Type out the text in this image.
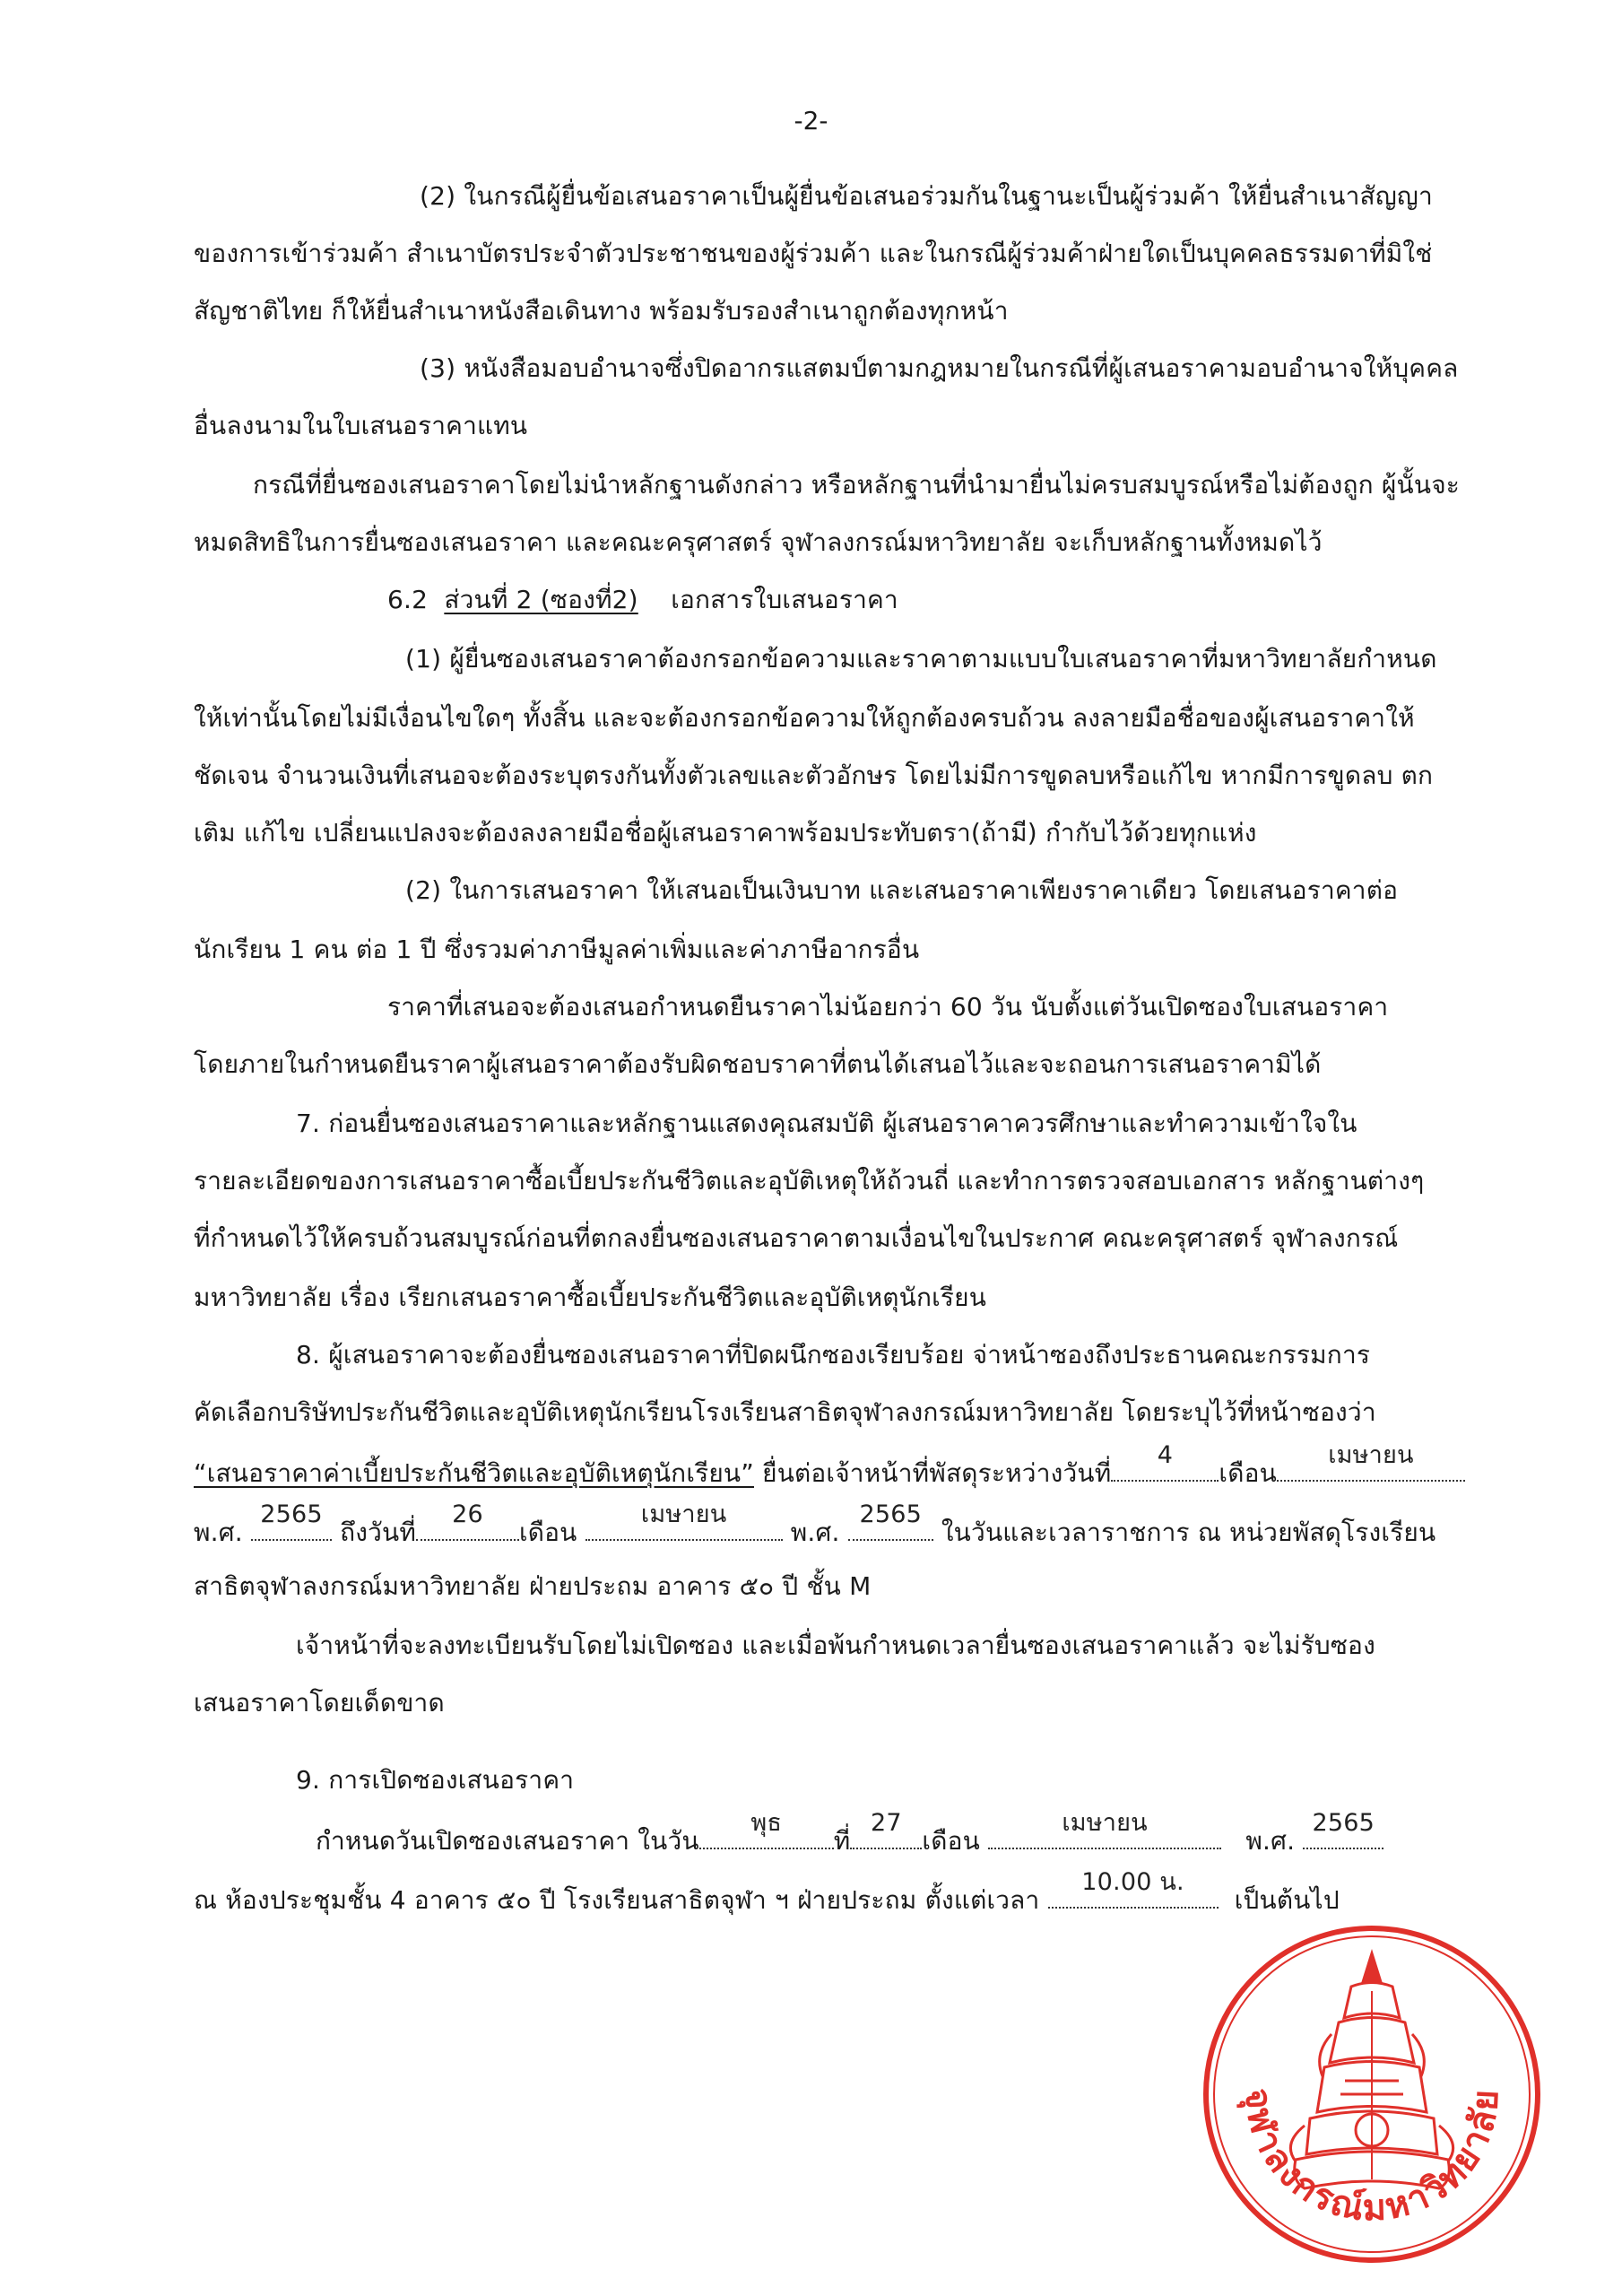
-2-
(2) ในกรณีผู้ยื่นข้อเสนอราคาเป็นผู้ยื่นข้อเสนอร่วมกันในฐานะเป็นผู้ร่วมค้า ให้ยื่นสำเนาสัญญา
ของการเข้าร่วมค้า สำเนาบัตรประจำตัวประชาชนของผู้ร่วมค้า และในกรณีผู้ร่วมค้าฝ่ายใดเป็นบุคคลธรรมดาที่มิใช่
สัญชาติไทย ก็ให้ยื่นสำเนาหนังสือเดินทาง พร้อมรับรองสำเนาถูกต้องทุกหน้า
(3) หนังสือมอบอำนาจซึ่งปิดอากรแสตมป์ตามกฎหมายในกรณีที่ผู้เสนอราคามอบอำนาจให้บุคคล
อื่นลงนามในใบเสนอราคาแทน
กรณีที่ยื่นซองเสนอราคาโดยไม่นำหลักฐานดังกล่าว หรือหลักฐานที่นำมายื่นไม่ครบสมบูรณ์หรือไม่ต้องถูก ผู้นั้นจะ
หมดสิทธิในการยื่นซองเสนอราคา และคณะครุศาสตร์ จุฬาลงกรณ์มหาวิทยาลัย จะเก็บหลักฐานทั้งหมดไว้
6.2 ส่วนที่ 2 (ซองที่2) เอกสารใบเสนอราคา
(1) ผู้ยื่นซองเสนอราคาต้องกรอกข้อความและราคาตามแบบใบเสนอราคาที่มหาวิทยาลัยกำหนด
ให้เท่านั้นโดยไม่มีเงื่อนไขใดๆ ทั้งสิ้น และจะต้องกรอกข้อความให้ถูกต้องครบถ้วน ลงลายมือชื่อของผู้เสนอราคาให้
ชัดเจน จำนวนเงินที่เสนอจะต้องระบุตรงกันทั้งตัวเลขและตัวอักษร โดยไม่มีการขูดลบหรือแก้ไข หากมีการขูดลบ ตก
เติม แก้ไข เปลี่ยนแปลงจะต้องลงลายมือชื่อผู้เสนอราคาพร้อมประทับตรา(ถ้ามี) กำกับไว้ด้วยทุกแห่ง
(2) ในการเสนอราคา ให้เสนอเป็นเงินบาท และเสนอราคาเพียงราคาเดียว โดยเสนอราคาต่อ
นักเรียน 1 คน ต่อ 1 ปี ซึ่งรวมค่าภาษีมูลค่าเพิ่มและค่าภาษีอากรอื่น
ราคาที่เสนอจะต้องเสนอกำหนดยืนราคาไม่น้อยกว่า 60 วัน นับตั้งแต่วันเปิดซองใบเสนอราคา
โดยภายในกำหนดยืนราคาผู้เสนอราคาต้องรับผิดชอบราคาที่ตนได้เสนอไว้และจะถอนการเสนอราคามิได้
7. ก่อนยื่นซองเสนอราคาและหลักฐานแสดงคุณสมบัติ ผู้เสนอราคาควรศึกษาและทำความเข้าใจใน
รายละเอียดของการเสนอราคาซื้อเบี้ยประกันชีวิตและอุบัติเหตุให้ถ้วนถี่ และทำการตรวจสอบเอกสาร หลักฐานต่างๆ
ที่กำหนดไว้ให้ครบถ้วนสมบูรณ์ก่อนที่ตกลงยื่นซองเสนอราคาตามเงื่อนไขในประกาศ คณะครุศาสตร์ จุฬาลงกรณ์
มหาวิทยาลัย เรื่อง เรียกเสนอราคาซื้อเบี้ยประกันชีวิตและอุบัติเหตุนักเรียน
8. ผู้เสนอราคาจะต้องยื่นซองเสนอราคาที่ปิดผนึกซองเรียบร้อย จ่าหน้าซองถึงประธานคณะกรรมการ
คัดเลือกบริษัทประกันชีวิตและอุบัติเหตุนักเรียนโรงเรียนสาธิตจุฬาลงกรณ์มหาวิทยาลัย โดยระบุไว้ที่หน้าซองว่า
“เสนอราคาค่าเบี้ยประกันชีวิตและอุบัติเหตุนักเรียน” ยื่นต่อเจ้าหน้าที่พัสดุระหว่างวันที่
4
เดือน
เมษายน
พ.ศ.
2565
ถึงวันที่
26
เดือน
เมษายน
พ.ศ.
2565
ในวันและเวลาราชการ ณ หน่วยพัสดุโรงเรียน
สาธิตจุฬาลงกรณ์มหาวิทยาลัย ฝ่ายประถม อาคาร ๕๐ ปี ชั้น M
เจ้าหน้าที่จะลงทะเบียนรับโดยไม่เปิดซอง และเมื่อพ้นกำหนดเวลายื่นซองเสนอราคาแล้ว จะไม่รับซอง
เสนอราคาโดยเด็ดขาด
9. การเปิดซองเสนอราคา
กำหนดวันเปิดซองเสนอราคา ในวัน
พุธ
ที่
27
เดือน
เมษายน
พ.ศ.
2565
ณ ห้องประชุมชั้น 4 อาคาร ๕๐ ปี โรงเรียนสาธิตจุฬา ฯ ฝ่ายประถม ตั้งแต่เวลา
10.00 น.
เป็นต้นไป
จุฬาลงกรณ์มหาวิทยาลัย
